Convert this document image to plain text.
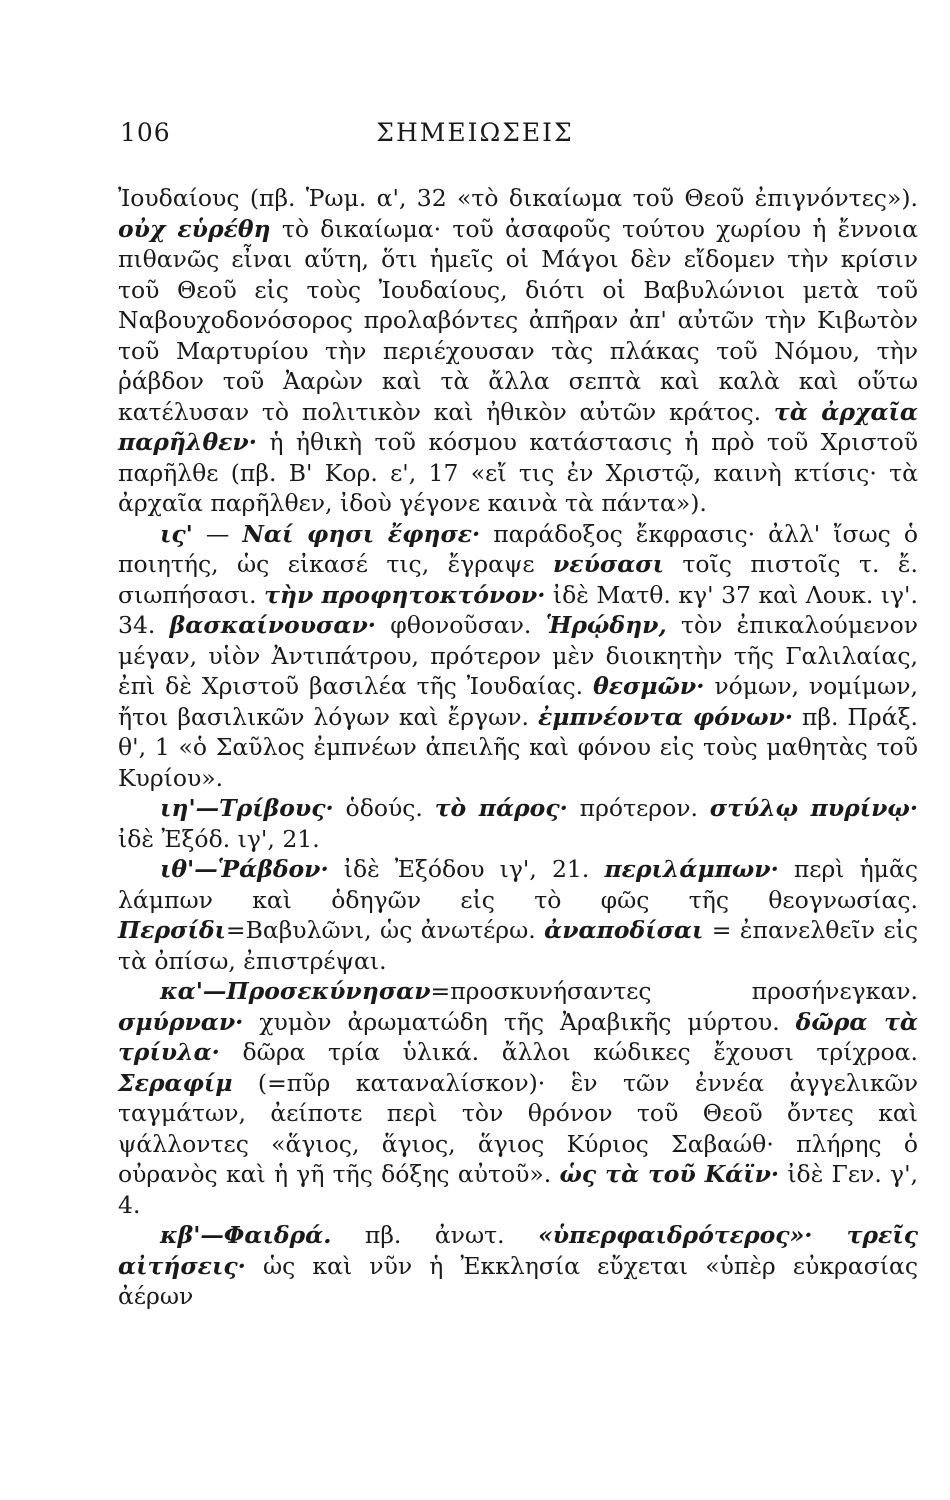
106	ΣΗΜΕΙΩΣΕΙΣ

Ἰουδαίους (πβ. Ῥωμ. α', 32 «τὸ δικαίωμα τοῦ Θεοῦ ἐπιγνόντες»). οὐχ εὑρέθη τὸ δικαίωμα· τοῦ ἀσαφοῦς τούτου χωρίου ἡ ἔννοια πιθανῶς εἶναι αὕτη, ὅτι ἡμεῖς οἱ Μάγοι δὲν εἴδομεν τὴν κρίσιν τοῦ Θεοῦ εἰς τοὺς Ἰουδαίους, διότι οἱ Βαβυλώνιοι μετὰ τοῦ Ναβουχοδονόσορος προλαβόντες ἀπῆραν ἀπ' αὐτῶν τὴν Κιβωτὸν τοῦ Μαρτυρίου τὴν περιέχουσαν τὰς πλάκας τοῦ Νόμου, τὴν ῥάβδον τοῦ Ἀαρὼν καὶ τὰ ἄλλα σεπτὰ καὶ καλὰ καὶ οὕτω κατέλυσαν τὸ πολιτικὸν καὶ ἠθικὸν αὐτῶν κράτος. τὰ ἀρχαῖα παρῆλθεν· ἡ ἠθικὴ τοῦ κόσμου κατάστασις ἡ πρὸ τοῦ Χριστοῦ παρῆλθε (πβ. Β' Κορ. ε', 17 «εἴ τις ἐν Χριστῷ, καινὴ κτίσις· τὰ ἀρχαῖα παρῆλθεν, ἰδοὺ γέγονε καινὰ τὰ πάντα»).

ις' — Ναί φησι ἔφησε· παράδοξος ἔκφρασις· ἀλλ' ἴσως ὁ ποιητής, ὡς εἰκασέ τις, ἔγραψε νεύσασι τοῖς πιστοῖς τ. ἔ. σιωπήσασι. τὴν προφητοκτόνον· ἰδὲ Ματθ. κγ' 37 καὶ Λουκ. ιγ'. 34. βασκαίνουσαν· φθονοῦσαν. Ἡρῴδην, τὸν ἐπικαλούμενον μέγαν, υἱὸν Ἀντιπάτρου, πρότερον μὲν διοικητὴν τῆς Γαλιλαίας, ἐπὶ δὲ Χριστοῦ βασιλέα τῆς Ἰουδαίας. θεσμῶν· νόμων, νομίμων, ἤτοι βασιλικῶν λόγων καὶ ἔργων. ἐμπνέοντα φόνων· πβ. Πράξ. θ', 1 «ὁ Σαῦλος ἐμπνέων ἀπειλῆς καὶ φόνου εἰς τοὺς μαθητὰς τοῦ Κυρίου».

ιη'—Τρίβους· ὁδούς. τὸ πάρος· πρότερον. στύλῳ πυρίνῳ· ἰδὲ Ἐξόδ. ιγ', 21.

ιθ'—Ῥάβδον· ἰδὲ Ἐξόδου ιγ', 21. περιλάμπων· περὶ ἡμᾶς λάμπων καὶ ὁδηγῶν εἰς τὸ φῶς τῆς θεογνωσίας. Περσίδι=Βαβυλῶνι, ὡς ἀνωτέρω. ἀναποδίσαι = ἐπανελθεῖν εἰς τὰ ὀπίσω, ἐπιστρέψαι.

κα'—Προσεκύνησαν=προσκυνήσαντες προσήνεγκαν. σμύρναν· χυμὸν ἀρωματώδη τῆς Ἀραβικῆς μύρτου. δῶρα τὰ τρίυλα· δῶρα τρία ὑλικά. ἄλλοι κώδικες ἔχουσι τρίχροα. Σεραφίμ (=πῦρ καταναλίσκον)· ἓν τῶν ἐννέα ἀγγελικῶν ταγμάτων, ἀείποτε περὶ τὸν θρόνον τοῦ Θεοῦ ὄντες καὶ ψάλλοντες «ἅγιος, ἅγιος, ἅγιος Κύριος Σαβαώθ· πλήρης ὁ οὐρανὸς καὶ ἡ γῆ τῆς δόξης αὐτοῦ». ὡς τὰ τοῦ Κάϊν· ἰδὲ Γεν. γ', 4.

κβ'—Φαιδρά. πβ. ἀνωτ. «ὑπερφαιδρότερος»· τρεῖς αἰτήσεις· ὡς καὶ νῦν ἡ Ἐκκλησία εὔχεται «ὑπὲρ εὐκρασίας ἀέρων
